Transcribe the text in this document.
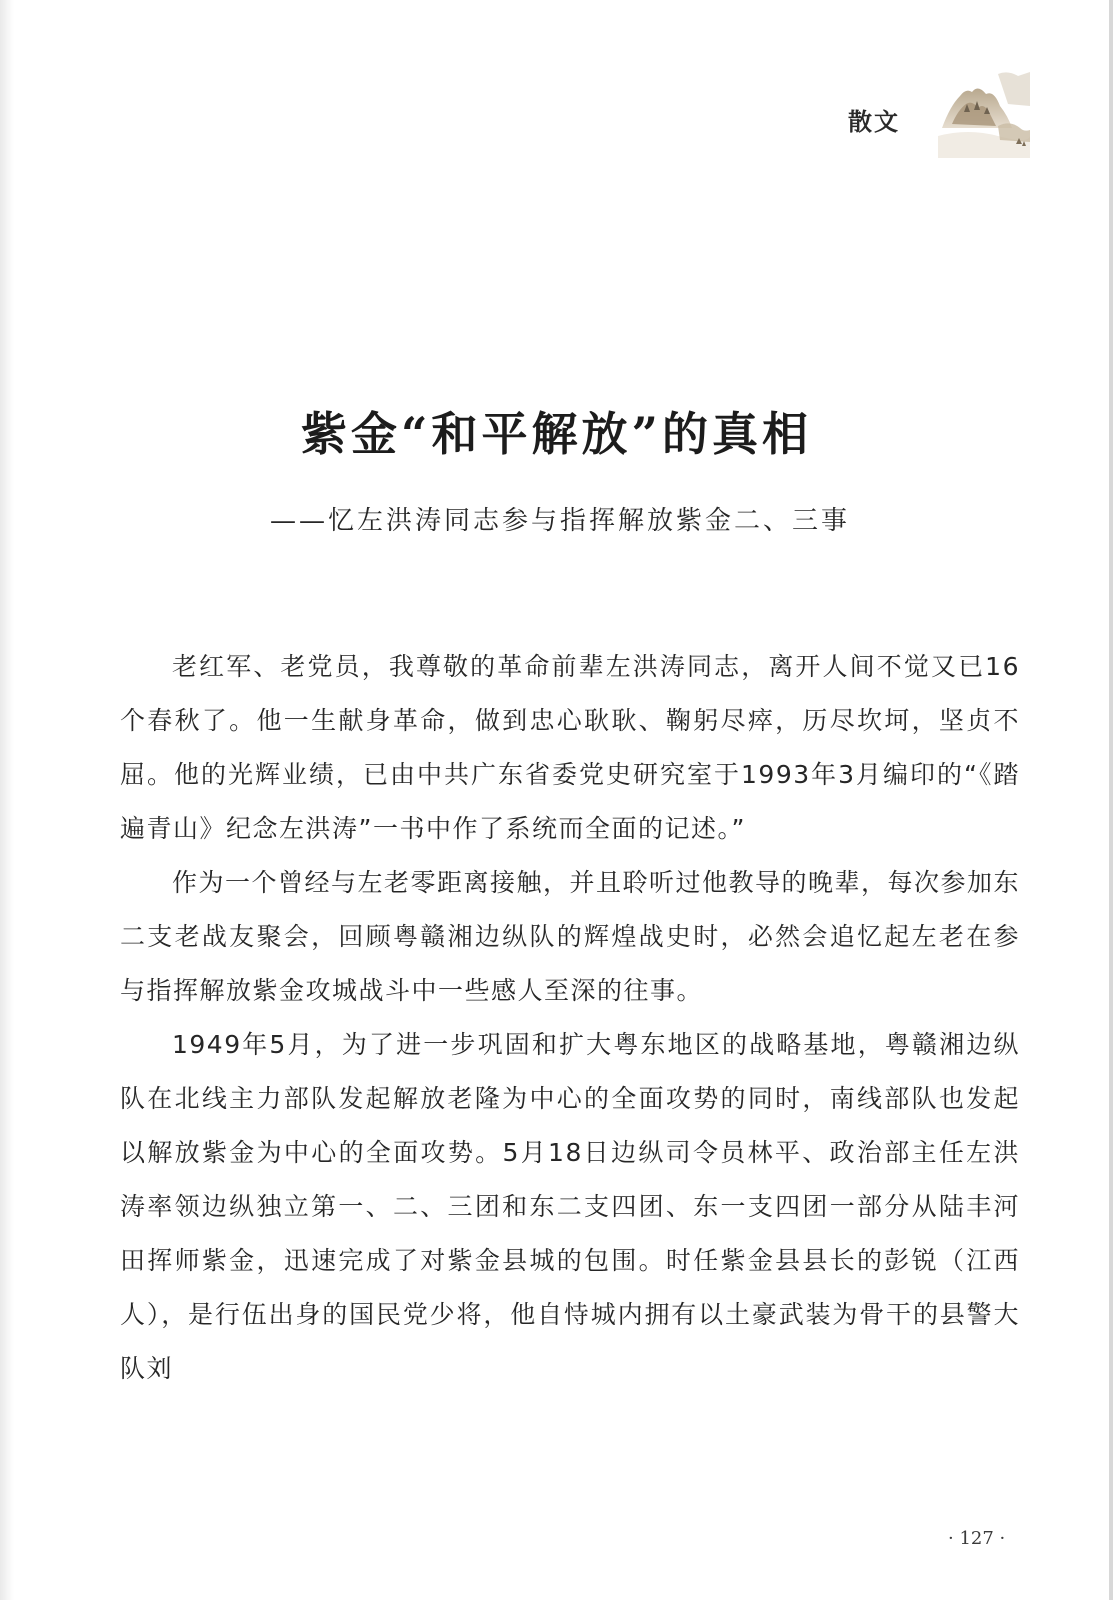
散文
紫金“和平解放”的真相
——忆左洪涛同志参与指挥解放紫金二、三事

老红军、老党员，我尊敬的革命前辈左洪涛同志，离开人间不觉又已16个春秋了。他一生献身革命，做到忠心耿耿、鞠躬尽瘁，历尽坎坷，坚贞不屈。他的光辉业绩，已由中共广东省委党史研究室于1993年3月编印的“《踏遍青山》纪念左洪涛”一书中作了系统而全面的记述。”

作为一个曾经与左老零距离接触，并且聆听过他教导的晚辈，每次参加东二支老战友聚会，回顾粤赣湘边纵队的辉煌战史时，必然会追忆起左老在参与指挥解放紫金攻城战斗中一些感人至深的往事。

1949年5月，为了进一步巩固和扩大粤东地区的战略基地，粤赣湘边纵队在北线主力部队发起解放老隆为中心的全面攻势的同时，南线部队也发起以解放紫金为中心的全面攻势。5月18日边纵司令员林平、政治部主任左洪涛率领边纵独立第一、二、三团和东二支四团、东一支四团一部分从陆丰河田挥师紫金，迅速完成了对紫金县城的包围。时任紫金县县长的彭锐（江西人），是行伍出身的国民党少将，他自恃城内拥有以土豪武装为骨干的县警大队刘

· 127 ·
